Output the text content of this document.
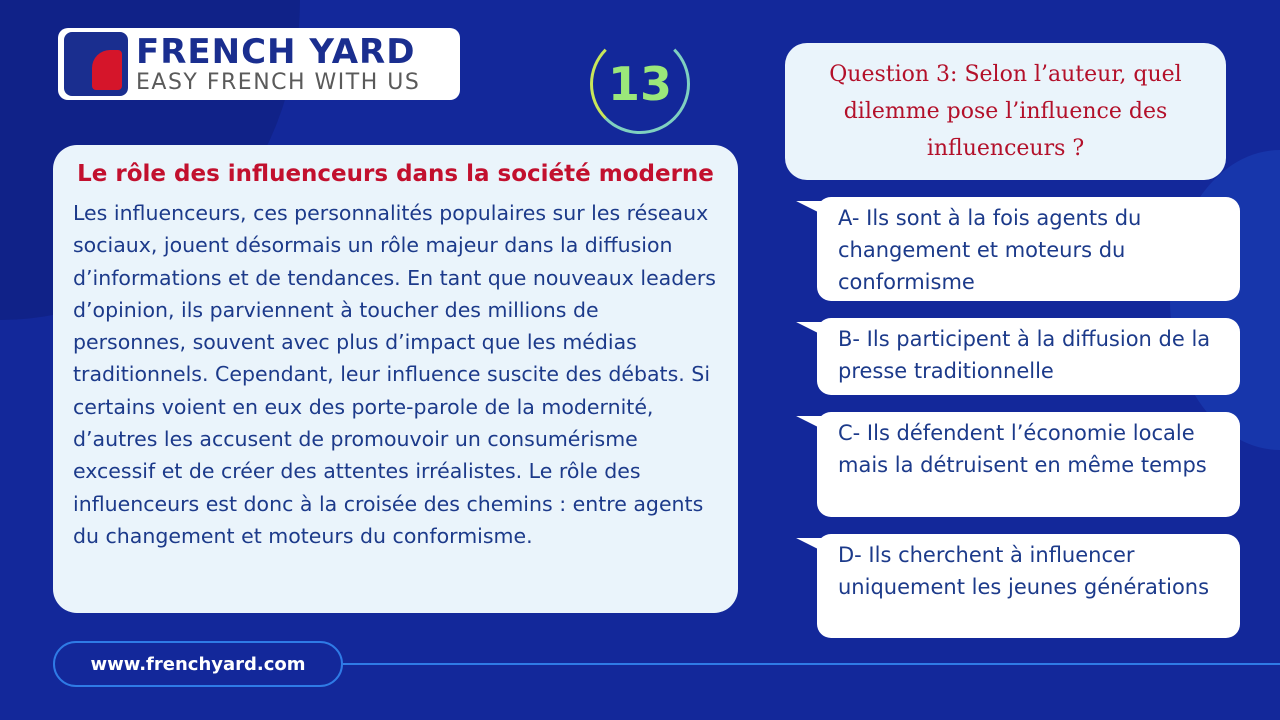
FRENCH YARD
EASY FRENCH WITH US	13
Le rôle des influenceurs dans la société moderne
Les influenceurs, ces personnalités populaires sur les réseaux sociaux, jouent désormais un rôle majeur dans la diffusion d’informations et de tendances. En tant que nouveaux leaders d’opinion, ils parviennent à toucher des millions de personnes, souvent avec plus d’impact que les médias traditionnels. Cependant, leur influence suscite des débats. Si certains voient en eux des porte-parole de la modernité, d’autres les accusent de promouvoir un consumérisme excessif et de créer des attentes irréalistes. Le rôle des influenceurs est donc à la croisée des chemins : entre agents du changement et moteurs du conformisme.
Question 3: Selon l’auteur, quel dilemme pose l’influence des influenceurs ?
A- Ils sont à la fois agents du changement et moteurs du conformisme
B- Ils participent à la diffusion de la presse traditionnelle
C- Ils défendent l’économie locale mais la détruisent en même temps
D- Ils cherchent à influencer uniquement les jeunes générations
www.frenchyard.com
